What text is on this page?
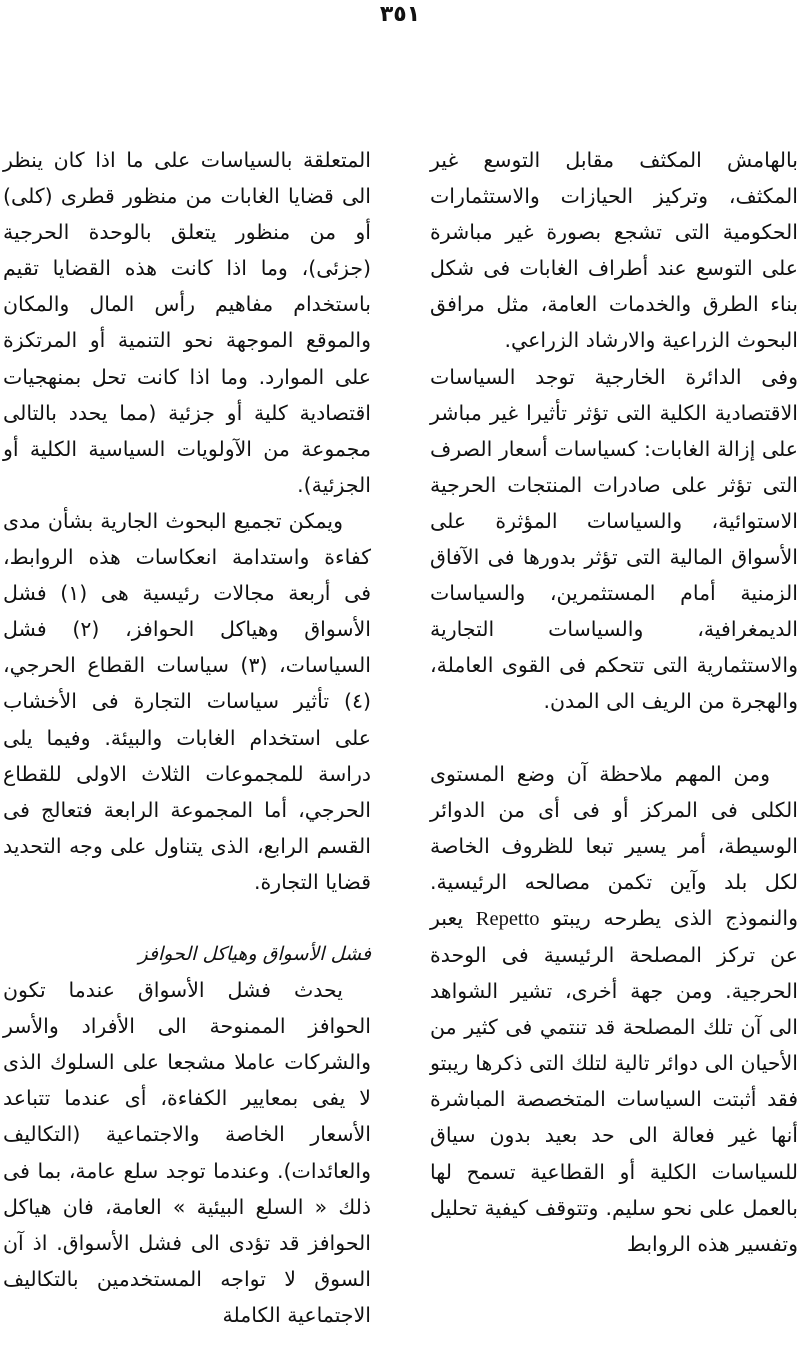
٣٥١

بالهامش المكثف مقابل التوسع غير المكثف، وتركيز الحيازات والاستثمارات الحكومية التى تشجع بصورة غير مباشرة على التوسع عند أطراف الغابات فى شكل بناء الطرق والخدمات العامة، مثل مرافق البحوث الزراعية والارشاد الزراعي.

وفى الدائرة الخارجية توجد السياسات الاقتصادية الكلية التى تؤثر تأثيرا غير مباشر على إزالة الغابات: كسياسات أسعار الصرف التى تؤثر على صادرات المنتجات الحرجية الاستوائية، والسياسات المؤثرة على الأسواق المالية التى تؤثر بدورها فى الآفاق الزمنية أمام المستثمرين، والسياسات الديمغرافية، والسياسات التجارية والاستثمارية التى تتحكم فى القوى العاملة، والهجرة من الريف الى المدن.

ومن المهم ملاحظة آن وضع المستوى الكلى فى المركز أو فى أى من الدوائر الوسيطة، أمر يسير تبعا للظروف الخاصة لكل بلد وآين تكمن مصالحه الرئيسية. والنموذج الذى يطرحه ريبتو Repetto يعبر عن تركز المصلحة الرئيسية فى الوحدة الحرجية. ومن جهة أخرى، تشير الشواهد الى آن تلك المصلحة قد تنتمي فى كثير من الأحيان الى دوائر تالية لتلك التى ذكرها ريبتو فقد أثبتت السياسات المتخصصة المباشرة أنها غير فعالة الى حد بعيد بدون سياق للسياسات الكلية أو القطاعية تسمح لها بالعمل على نحو سليم. وتتوقف كيفية تحليل وتفسير هذه الروابط

المتعلقة بالسياسات على ما اذا كان ينظر الى قضايا الغابات من منظور قطرى (كلى) أو من منظور يتعلق بالوحدة الحرجية (جزئى)، وما اذا كانت هذه القضايا تقيم باستخدام مفاهيم رأس المال والمكان والموقع الموجهة نحو التنمية أو المرتكزة على الموارد. وما اذا كانت تحل بمنهجيات اقتصادية كلية أو جزئية (مما يحدد بالتالى مجموعة من الآولويات السياسية الكلية أو الجزئية).

ويمكن تجميع البحوث الجارية بشأن مدى كفاءة واستدامة انعكاسات هذه الروابط، فى أربعة مجالات رئيسية هى (١) فشل الأسواق وهياكل الحوافز، (٢) فشل السياسات، (٣) سياسات القطاع الحرجي، (٤) تأثير سياسات التجارة فى الأخشاب على استخدام الغابات والبيئة. وفيما يلى دراسة للمجموعات الثلاث الاولى للقطاع الحرجي، أما المجموعة الرابعة فتعالج فى القسم الرابع، الذى يتناول على وجه التحديد قضايا التجارة.

فشل الأسواق وهياكل الحوافز

يحدث فشل الأسواق عندما تكون الحوافز الممنوحة الى الأفراد والأسر والشركات عاملا مشجعا على السلوك الذى لا يفى بمعايير الكفاءة، أى عندما تتباعد الأسعار الخاصة والاجتماعية (التكاليف والعائدات). وعندما توجد سلع عامة، بما فى ذلك « السلع البيئية » العامة، فان هياكل الحوافز قد تؤدى الى فشل الأسواق. اذ آن السوق لا تواجه المستخدمين بالتكاليف الاجتماعية الكاملة
